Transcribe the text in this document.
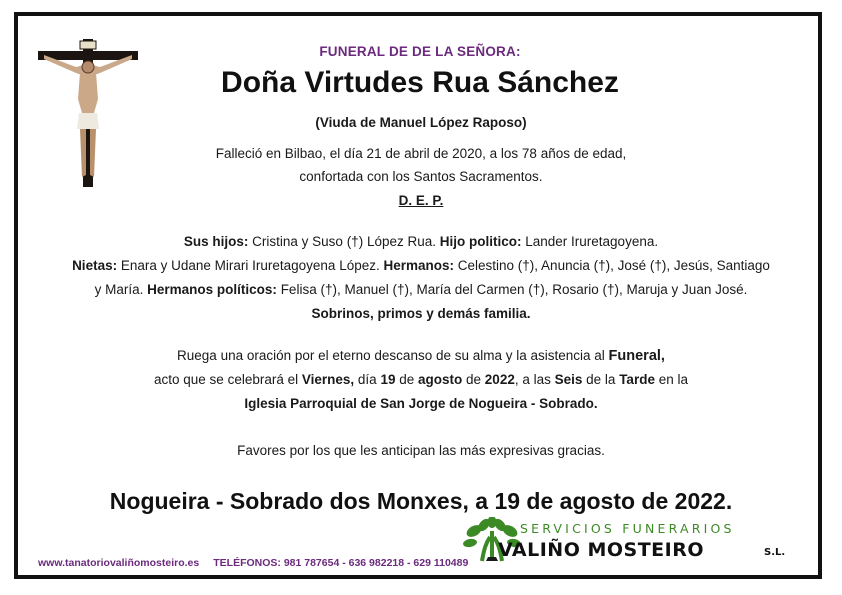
FUNERAL DE DE LA SEÑORA:
Doña Virtudes Rua Sánchez
(Viuda de Manuel López Raposo)
Falleció en Bilbao, el día 21 de abril de 2020, a los 78 años de edad,
confortada con los Santos Sacramentos.
D. E. P.
Sus hijos: Cristina y Suso (†) López Rua. Hijo politico: Lander Iruretagoyena.
Nietas: Enara y Udane Mirari Iruretagoyena López. Hermanos: Celestino (†), Anuncia (†), José (†), Jesús, Santiago
y María. Hermanos políticos: Felisa (†), Manuel (†), María del Carmen (†), Rosario (†), Maruja y Juan José.
Sobrinos, primos y demás familia.
Ruega una oración por el eterno descanso de su alma y la asistencia al Funeral,
acto que se celebrará el Viernes, día 19 de agosto de 2022, a las Seis de la Tarde en la
Iglesia Parroquial de San Jorge de Nogueira - Sobrado.
Favores por los que les anticipan las más expresivas gracias.
Nogueira - Sobrado dos Monxes, a 19 de agosto de 2022.
www.tanatoriovaliñomosteiro.es TELÉFONOS: 981 787654 - 636 982218 - 629 110489
SERVICIOS FUNERARIOS
VALIÑO MOSTEIRO	S.L.
